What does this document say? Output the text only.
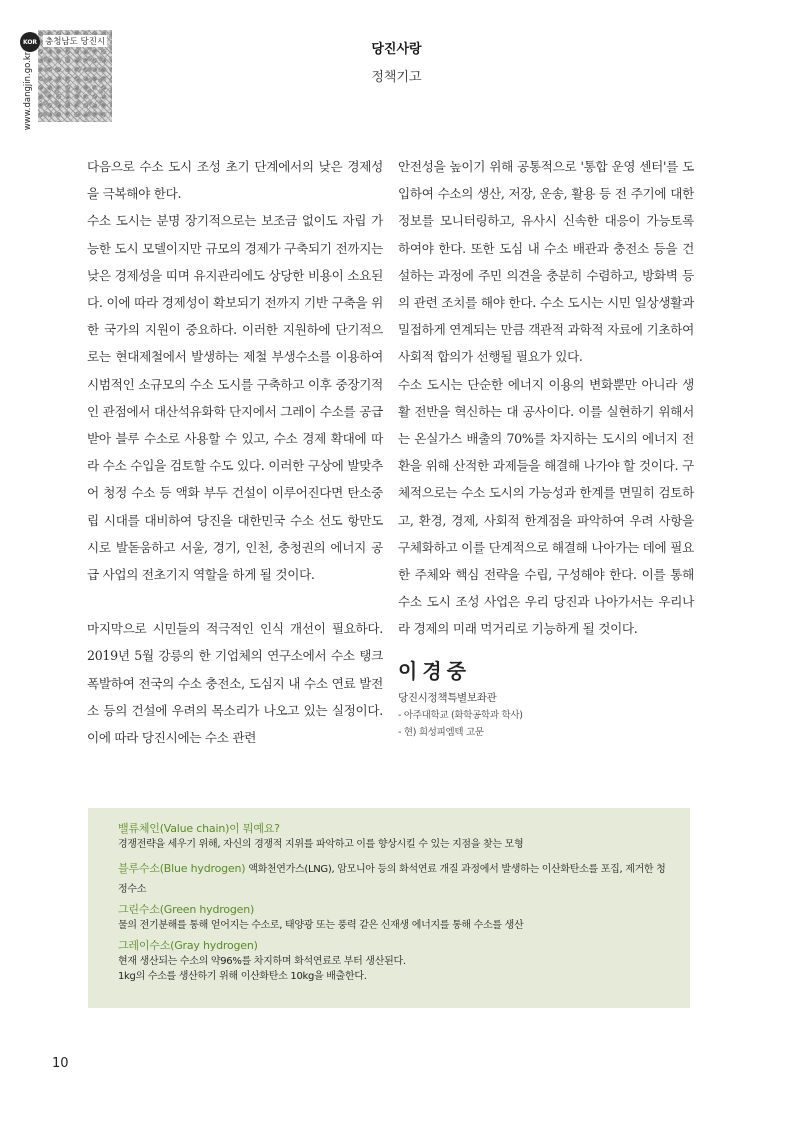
KOR 충청남도 당진시
www.dangjin.go.kr
당진사랑
정책기고

다음으로 수소 도시 조성 초기 단계에서의 낮은 경제성을 극복해야 한다.

수소 도시는 분명 장기적으로는 보조금 없이도 자립 가능한 도시 모델이지만 규모의 경제가 구축되기 전까지는 낮은 경제성을 띠며 유지관리에도 상당한 비용이 소요된다. 이에 따라 경제성이 확보되기 전까지 기반 구축을 위한 국가의 지원이 중요하다. 이러한 지원하에 단기적으로는 현대제철에서 발생하는 제철 부생수소를 이용하여 시범적인 소규모의 수소 도시를 구축하고 이후 중장기적인 관점에서 대산석유화학 단지에서 그레이 수소를 공급받아 블루 수소로 사용할 수 있고, 수소 경제 확대에 따라 수소 수입을 검토할 수도 있다. 이러한 구상에 발맞추어 청정 수소 등 액화 부두 건설이 이루어진다면 탄소중립 시대를 대비하여 당진을 대한민국 수소 선도 항만도시로 발돋움하고 서울, 경기, 인천, 충청권의 에너지 공급 사업의 전초기지 역할을 하게 될 것이다.

마지막으로 시민들의 적극적인 인식 개선이 필요하다. 2019년 5월 강릉의 한 기업체의 연구소에서 수소 탱크 폭발하여 전국의 수소 충전소, 도심지 내 수소 연료 발전소 등의 건설에 우려의 목소리가 나오고 있는 실정이다. 이에 따라 당진시에는 수소 관련

안전성을 높이기 위해 공통적으로 '통합 운영 센터'를 도입하여 수소의 생산, 저장, 운송, 활용 등 전 주기에 대한 정보를 모니터링하고, 유사시 신속한 대응이 가능토록 하여야 한다. 또한 도심 내 수소 배관과 충전소 등을 건설하는 과정에 주민 의견을 충분히 수렴하고, 방화벽 등의 관련 조치를 해야 한다. 수소 도시는 시민 일상생활과 밀접하게 연계되는 만큼 객관적 과학적 자료에 기초하여 사회적 합의가 선행될 필요가 있다.

수소 도시는 단순한 에너지 이용의 변화뿐만 아니라 생활 전반을 혁신하는 대 공사이다. 이를 실현하기 위해서는 온실가스 배출의 70%를 차지하는 도시의 에너지 전환을 위해 산적한 과제들을 해결해 나가야 할 것이다. 구체적으로는 수소 도시의 가능성과 한계를 면밀히 검토하고, 환경, 경제, 사회적 한계점을 파악하여 우려 사항을 구체화하고 이를 단계적으로 해결해 나아가는 데에 필요한 주체와 핵심 전략을 수립, 구성해야 한다. 이를 통해 수소 도시 조성 사업은 우리 당진과 나아가서는 우리나라 경제의 미래 먹거리로 기능하게 될 것이다.

이경중
당진시정책특별보좌관
- 아주대학교 (화학공학과 학사)
- 현) 희성피엠텍 고문
밸류체인(Value chain)이 뭐예요?
경쟁전략을 세우기 위해, 자신의 경쟁적 지위를 파악하고 이를 향상시킬 수 있는 지점을 찾는 모형
블루수소(Blue hydrogen) 액화천연가스(LNG), 암모니아 등의 화석연료 개질 과정에서 발생하는 이산화탄소를 포집, 제거한 청정수소
그린수소(Green hydrogen)
물의 전기분해를 통해 얻어지는 수소로, 태양광 또는 풍력 같은 신재생 에너지를 통해 수소를 생산
그레이수소(Gray hydrogen)
현재 생산되는 수소의 약96%를 차지하며 화석연료로 부터 생산된다.
1kg의 수소를 생산하기 위해 이산화탄소 10kg을 배출한다.
10
